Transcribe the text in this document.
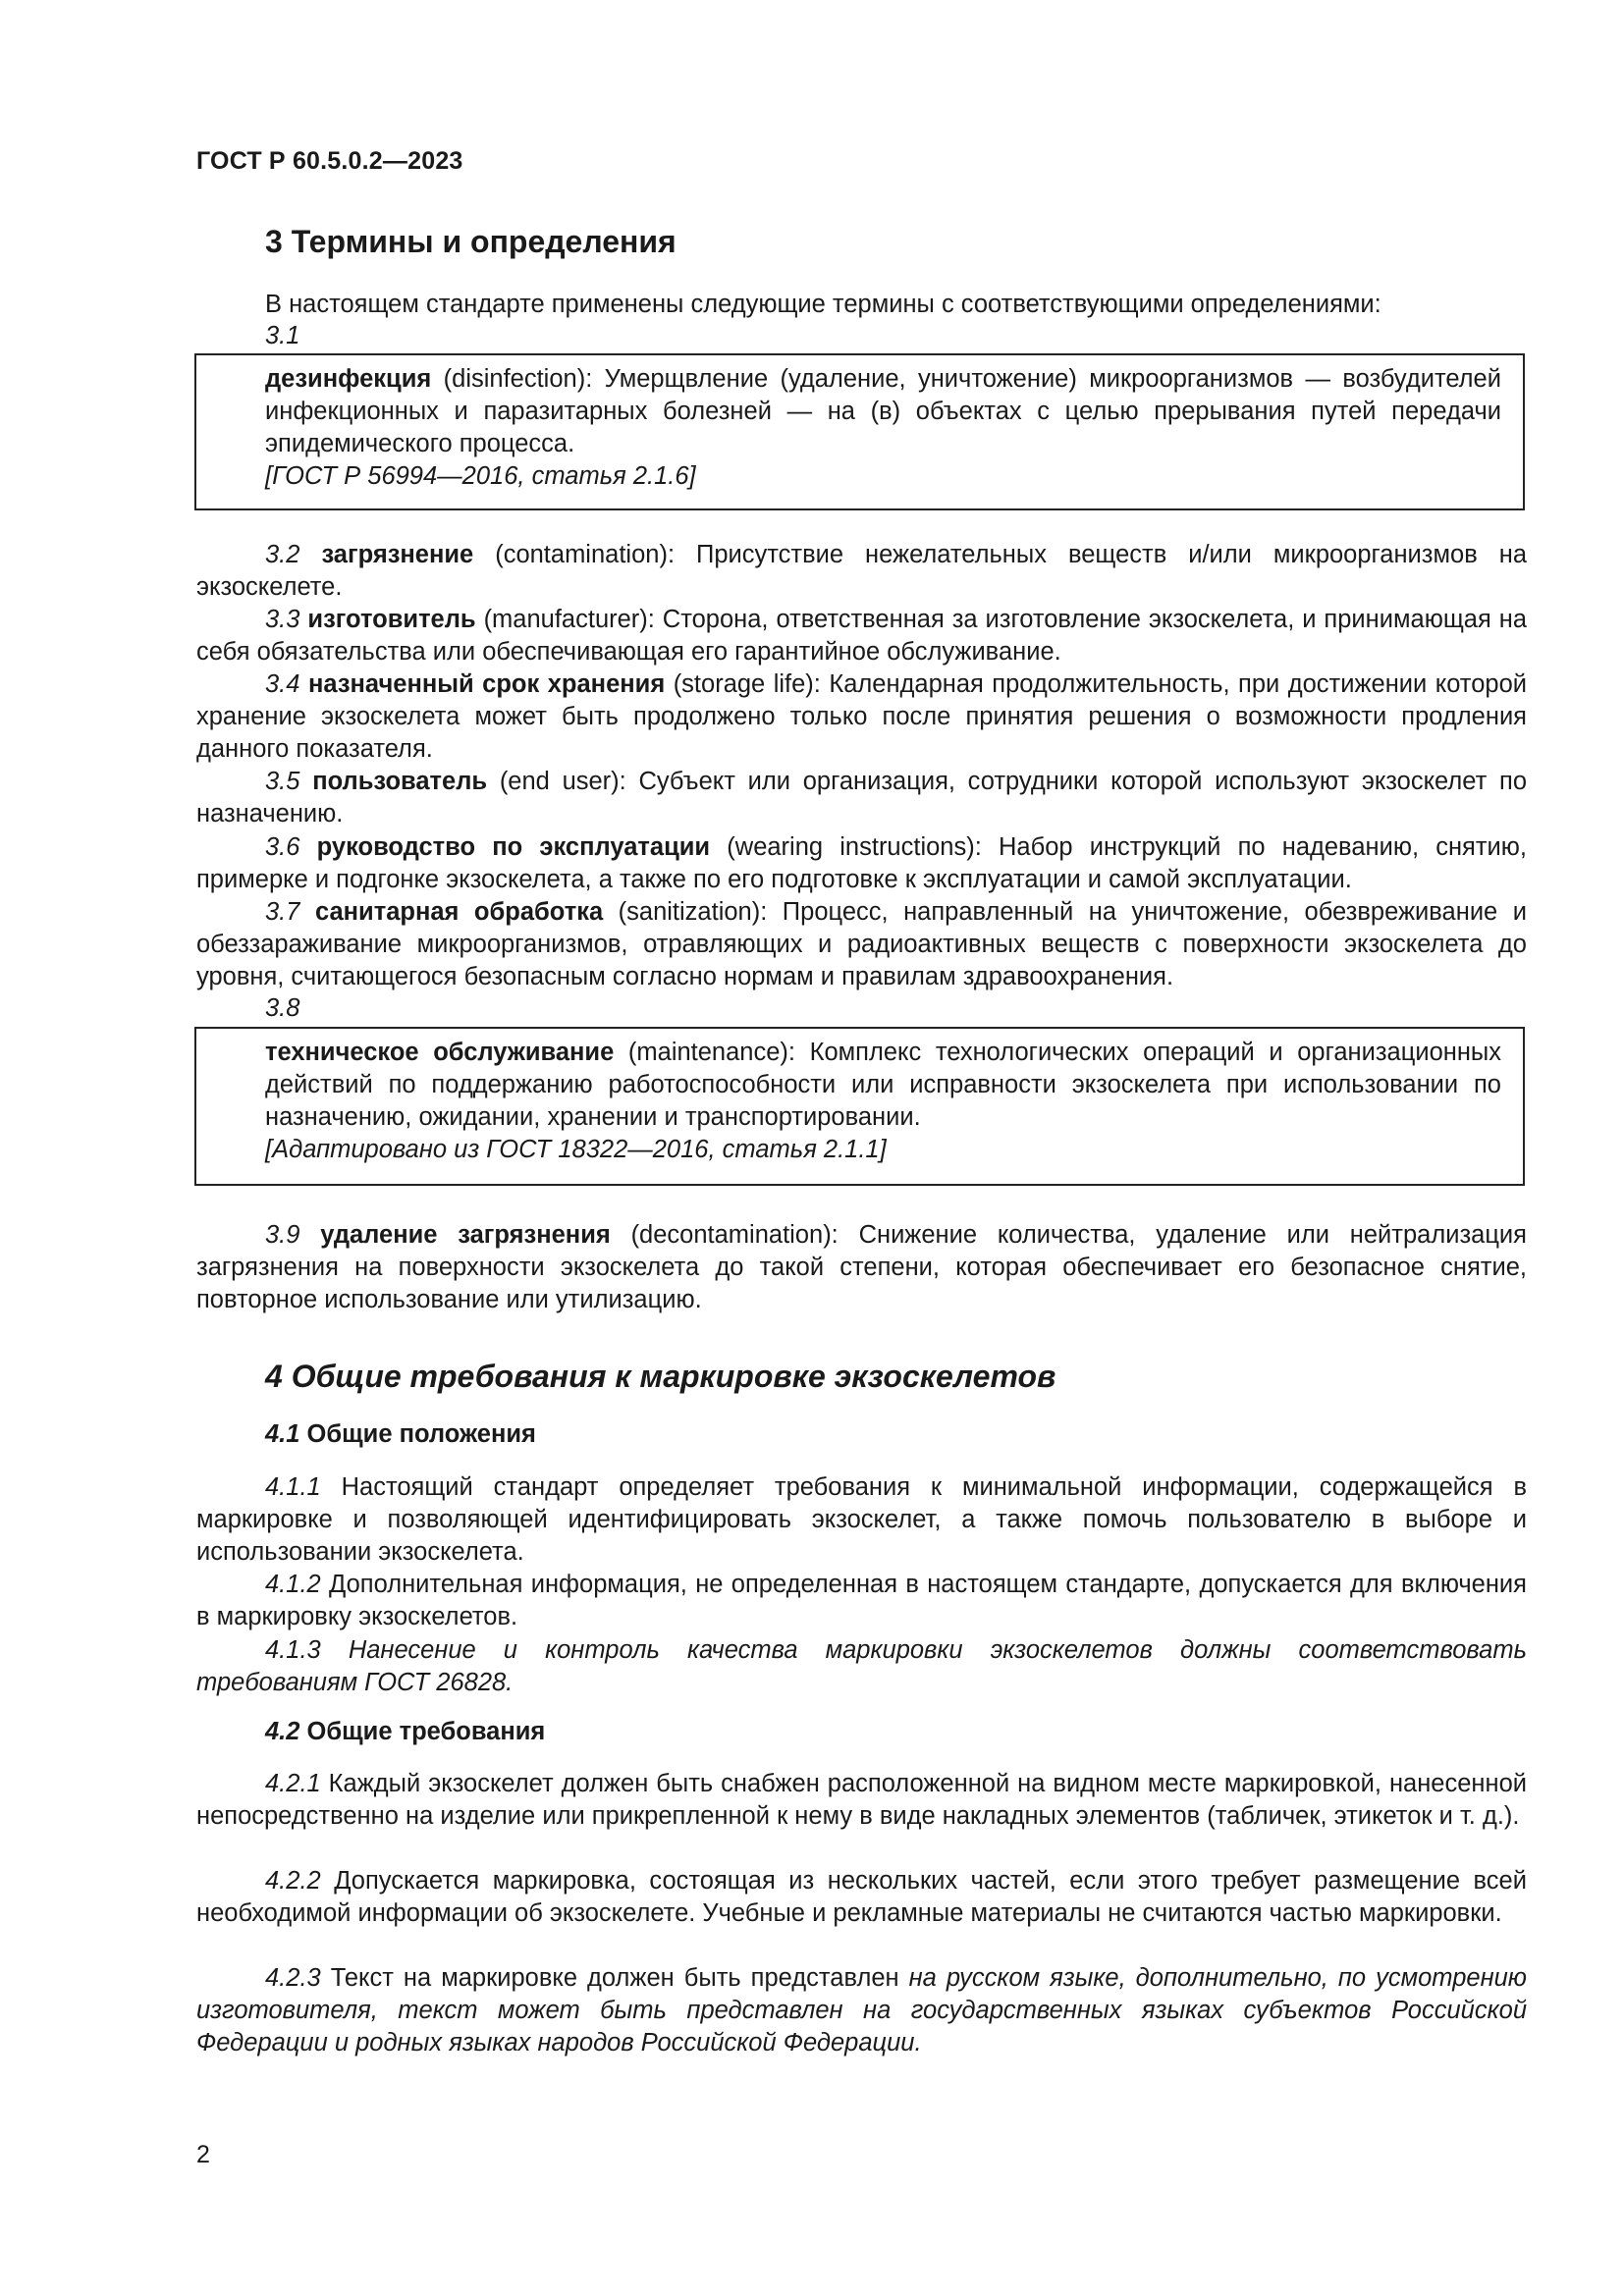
ГОСТ Р 60.5.0.2—2023
3 Термины и определения
В настоящем стандарте применены следующие термины с соответствующими определениями:
3.1
дезинфекция (disinfection): Умерщвление (удаление, уничтожение) микроорганизмов — возбудителей инфекционных и паразитарных болезней — на (в) объектах с целью прерывания путей передачи эпидемического процесса.
[ГОСТ Р 56994—2016, статья 2.1.6]
3.2 загрязнение (contamination): Присутствие нежелательных веществ и/или микроорганизмов на экзоскелете.
3.3 изготовитель (manufacturer): Сторона, ответственная за изготовление экзоскелета, и принимающая на себя обязательства или обеспечивающая его гарантийное обслуживание.
3.4 назначенный срок хранения (storage life): Календарная продолжительность, при достижении которой хранение экзоскелета может быть продолжено только после принятия решения о возможности продления данного показателя.
3.5 пользователь (end user): Субъект или организация, сотрудники которой используют экзоскелет по назначению.
3.6 руководство по эксплуатации (wearing instructions): Набор инструкций по надеванию, снятию, примерке и подгонке экзоскелета, а также по его подготовке к эксплуатации и самой эксплуатации.
3.7 санитарная обработка (sanitization): Процесс, направленный на уничтожение, обезвреживание и обеззараживание микроорганизмов, отравляющих и радиоактивных веществ с поверхности экзоскелета до уровня, считающегося безопасным согласно нормам и правилам здравоохранения.
3.8
техническое обслуживание (maintenance): Комплекс технологических операций и организационных действий по поддержанию работоспособности или исправности экзоскелета при использовании по назначению, ожидании, хранении и транспортировании.
[Адаптировано из ГОСТ 18322—2016, статья 2.1.1]
3.9 удаление загрязнения (decontamination): Снижение количества, удаление или нейтрализация загрязнения на поверхности экзоскелета до такой степени, которая обеспечивает его безопасное снятие, повторное использование или утилизацию.
4 Общие требования к маркировке экзоскелетов
4.1 Общие положения
4.1.1 Настоящий стандарт определяет требования к минимальной информации, содержащейся в маркировке и позволяющей идентифицировать экзоскелет, а также помочь пользователю в выборе и использовании экзоскелета.
4.1.2 Дополнительная информация, не определенная в настоящем стандарте, допускается для включения в маркировку экзоскелетов.
4.1.3 Нанесение и контроль качества маркировки экзоскелетов должны соответствовать требованиям ГОСТ 26828.
4.2 Общие требования
4.2.1 Каждый экзоскелет должен быть снабжен расположенной на видном месте маркировкой, нанесенной непосредственно на изделие или прикрепленной к нему в виде накладных элементов (табличек, этикеток и т. д.).
4.2.2 Допускается маркировка, состоящая из нескольких частей, если этого требует размещение всей необходимой информации об экзоскелете. Учебные и рекламные материалы не считаются частью маркировки.
4.2.3 Текст на маркировке должен быть представлен на русском языке, дополнительно, по усмотрению изготовителя, текст может быть представлен на государственных языках субъектов Российской Федерации и родных языках народов Российской Федерации.
2
